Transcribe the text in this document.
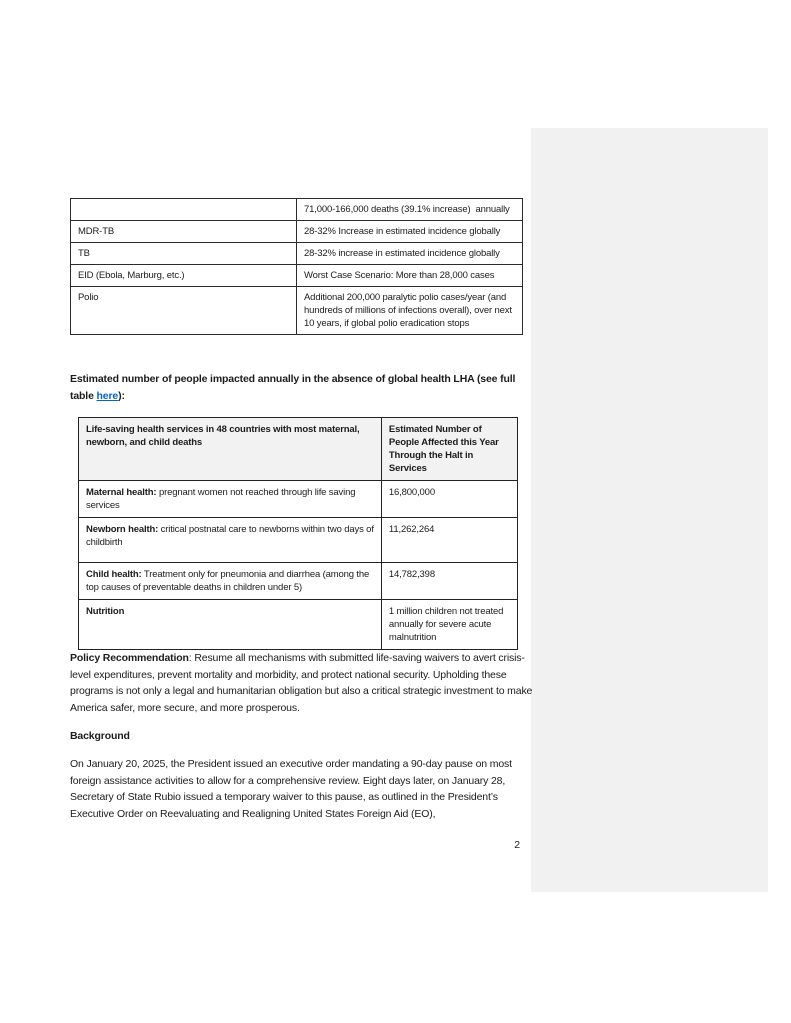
	71,000-166,000 deaths (39.1% increase)  annually
MDR-TB	28-32% Increase in estimated incidence globally
TB	28-32% increase in estimated incidence globally
EID (Ebola, Marburg, etc.)	Worst Case Scenario: More than 28,000 cases
Polio	Additional 200,000 paralytic polio cases/year (and hundreds of millions of infections overall), over next 10 years, if global polio eradication stops

Estimated number of people impacted annually in the absence of global health LHA (see full table here):

Life-saving health services in 48 countries with most maternal, newborn, and child deaths	Estimated Number of People Affected this Year Through the Halt in Services
Maternal health: pregnant women not reached through life saving services	16,800,000
Newborn health: critical postnatal care to newborns within two days of childbirth	11,262,264
Child health: Treatment only for pneumonia and diarrhea (among the top causes of preventable deaths in children under 5)	14,782,398
Nutrition	1 million children not treated annually for severe acute malnutrition

Policy Recommendation: Resume all mechanisms with submitted life-saving waivers to avert crisis-level expenditures, prevent mortality and morbidity, and protect national security. Upholding these programs is not only a legal and humanitarian obligation but also a critical strategic investment to make America safer, more secure, and more prosperous.

Background

On January 20, 2025, the President issued an executive order mandating a 90-day pause on most foreign assistance activities to allow for a comprehensive review. Eight days later, on January 28, Secretary of State Rubio issued a temporary waiver to this pause, as outlined in the President’s Executive Order on Reevaluating and Realigning United States Foreign Aid (EO),

2
